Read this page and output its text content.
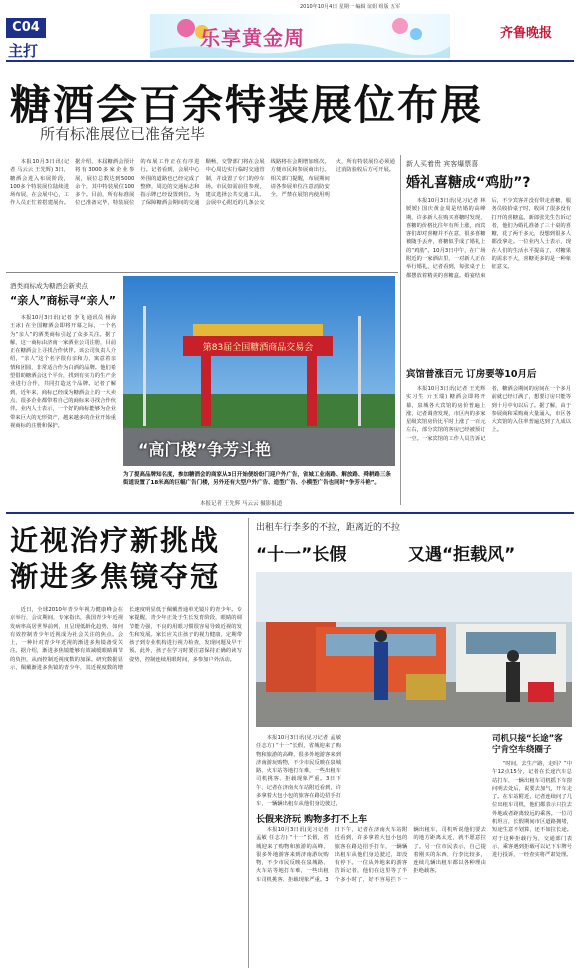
2010年10月4日 星期一 编辑 谊姐 组版 五军
C04
主打
乐享黄金周	齐鲁晚报
糖酒会百余特装展位布展
所有标准展位已准备完毕

本报10月3日讯(记者 马云云 王先辉) 3日，糖酒会进入布展阶段，100多个特装展位陆续进场布展，在会展中心，工作人员正忙着搭建展台。据介绍，本届糖酒会预计将有3000多家企业参展，展位总数达到5000余个，其中特装展位100多个。目前，所有标准展位已准备完毕，特装展位的布展工作正在有序进行。记者看到，会展中心外围的道路也已经完成了整修，周边的交通标志和指示牌已经设置到位。为了保障糖酒会期间的交通顺畅，交警部门将在会展中心周边实行临时交通管制，并设置了专门的停车场。市民如需前往参观，建议选择公共交通工具。会展中心附近的几条公交线路将在会期增加班次，方便市民和参展商出行。相关部门提醒，布展期间请各参展单位注意消防安全，严禁在展馆内使用明火，所有特装展位必须通过消防验收后方可开展。

新人买着贵 宾客爆票喜
婚礼喜糖成“鸡肋”?

本报10月3日讯(见习记者 林媛媛) 国庆黄金周是结婚的高峰期，许多新人在购买喜糖时发现，喜糖的价格比往年有所上涨，而宾客们却对喜糖并不在意，很多喜糖被随手丢弃，喜糖似乎成了婚礼上的“鸡肋”。10月3日中午，在广场附近的一家酒店里，一对新人正在举行婚礼，记者看到，每张桌子上都摆放着精美的喜糖盒。婚宴结束后，不少宾客并没有带走喜糖，服务员收拾桌子时，收回了很多没有打开的喜糖盒。新郎张先生告诉记者，他们为婚礼准备了三十桌的喜糖，花了两千多元，没想到很多人都没拿走。一位业内人士表示，现在人们的生活水平提高了，对糖果的需求不大，喜糖更多的是一种象征意义。

宾馆普涨百元 订房要等10月后

本报10月3日讯(记者 王光辉 实习生 亓玉瑞) 糖酒会即将开幕，泉城各大宾馆的房价普遍上涨，记者调查发现，市区内的多家星级宾馆房价比平时上涨了一百元左右，部分宾馆的客房已经被预订一空。一家宾馆的工作人员告诉记者，糖酒会期间的房间在一个多月前就已经订满了，想要订房只能等到十月中旬以后了。据了解，由于参展商和采购商大量涌入，市区各大宾馆的入住率普遍达到了九成以上。

酒类商标成为糖酒会新卖点
“亲人”商标寻“亲人”

本报10月3日讯(记者 李飞 通讯员 杨海 王冰) 在全国糖酒会即将开幕之际，一个名为“亲人”的酒类商标引起了众多关注。据了解，这一商标由济南一家酒业公司注册，目前正在糖酒会上寻找合作伙伴。该公司负责人介绍，“亲人”这个名字很有亲和力，寓意着亲情和团圆，非常适合作为白酒的品牌。他们希望借助糖酒会这个平台，找到有实力的生产企业进行合作，共同打造这个品牌。记者了解到，近年来，商标已经成为糖酒会上的一大卖点，很多企业都带着自己的商标来寻找合作伙伴。业内人士表示，一个好的商标能够为企业带来巨大的无形资产，越来越多的企业开始重视商标的注册和保护。

第83届全国糖酒商品交易会
“高门楼”争芳斗艳
为了提高品牌知名度，参加糖酒会的商家从3日开始便纷纷门迎户外广告，省城工业南路、解放路、舜耕路三条街道设置了18米高的巨幅广告门楼，另外还有大型户外广告、造型广告、小模型广告也同时“争芳斗艳”。
本报记者 王先辉 马云云 摄影报道
近视治疗新挑战
渐进多焦镜夺冠

近日，全球2010年青少年视力健康峰会在京举行，会议期间，专家指出，我国青少年近视发病率高居世界前列，且呈现低龄化趋势，如何有效控制青少年近视成为社会关注的焦点。会上，一种针对青少年近视的渐进多焦镜备受关注。据介绍，渐进多焦镜能够有效减缓眼睛调节的负担，从而控制近视度数的加深。研究数据显示，佩戴渐进多焦镜的青少年，其近视度数的增长速度明显低于佩戴普通单光镜片的青少年。专家提醒，青少年正处于生长发育阶段，眼睛的调节能力强，不良的用眼习惯很容易导致近视的发生和发展。家长应关注孩子的视力健康，定期带孩子到专业机构进行视力检查，发现问题及早干预。此外，孩子在学习时要注意保持正确的读写姿势，控制连续用眼时间，多参加户外活动。

出租车行李多的不拉，距离近的不拉
“十一”长假	又遇“拒载风”

本报10月3日讯(见习记者 孟敏 任志方) “十一”长假，省城迎来了购物和旅游的高峰，很多外地游客来到济南游玩购物，不少市民反映在泉城路、火车站等地打车难，一些出租车司机挑客、拒载现象严重。3日下午，记者在济南火车站附近看到，许多拿着大包小包的旅客在路边招手打车，一辆辆出租车从他们身边驶过，

长假来济玩 购物多打不上车

本报10月3日讯(见习记者 孟敏 任志方) “十一”长假，省城迎来了购物和旅游的高峰，很多外地游客来到济南游玩购物，不少市民反映在泉城路、火车站等地打车难，一些出租车司机挑客、拒载现象严重。3日下午，记者在济南火车站附近看到，许多拿着大包小包的旅客在路边招手打车，一辆辆出租车从他们身边驶过，却没有停下。一位从外地来的游客告诉记者，他们在这里等了半个多小时了，好不容易拦下一辆出租车，司机听说他们要去的地方距离太近，就不愿意拉了。另一位市民表示，自己提着刚买的东西，行李比较多，连续几辆出租车都以各种理由拒绝载客。

司机只接“长途”客 宁肯空车绕圈子

“时间，去生产路，走吗？”中午12点15分，记者在长途汽车总站打车，一辆出租车司机摇下车窗问明去处后，说要去加气，开车走了。在车站附近，记者连续问了几位出租车司机，他们都表示只拉去外地或者距离较远的乘客。一位司机坦言，长假期间市区道路拥堵，短途生意不划算，还不如拉长途。对于这种拒载行为，交通部门表示，乘客遇到拒载可以记下车牌号进行投诉，一经查实将严肃处理。
